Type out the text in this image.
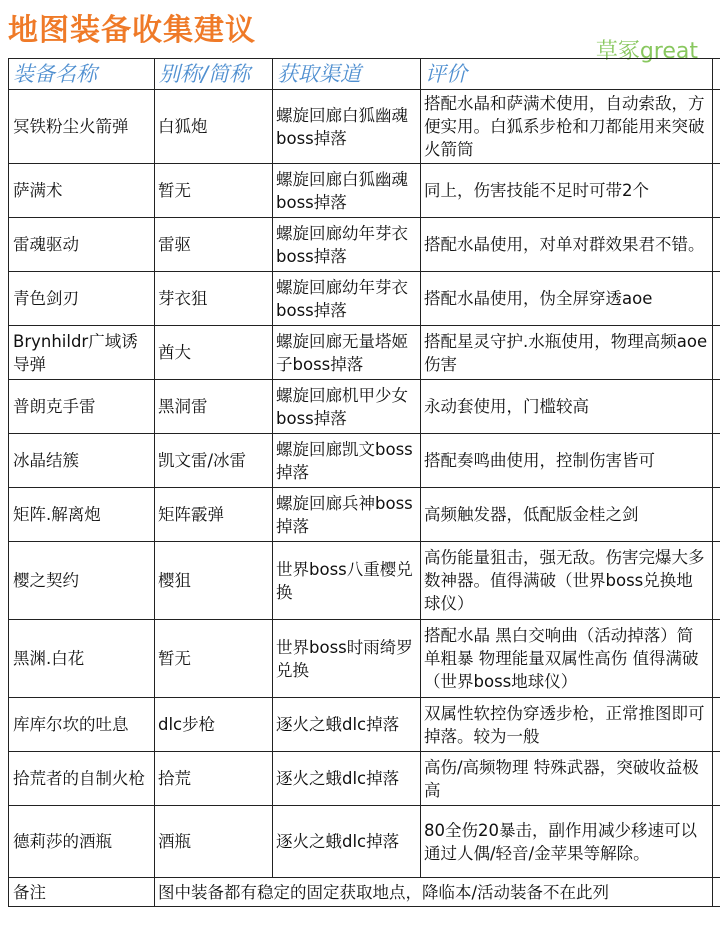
地图装备收集建议
草冢great
装备名称	别称/简称	获取渠道	评价	
冥铁粉尘火箭弹	白狐炮	螺旋回廊白狐幽魂boss掉落	搭配水晶和萨满术使用，自动索敌，方便实用。白狐系步枪和刀都能用来突破火箭筒	
萨满术	暂无	螺旋回廊白狐幽魂boss掉落	同上，伤害技能不足时可带2个	
雷魂驱动	雷驱	螺旋回廊幼年芽衣boss掉落	搭配水晶使用，对单对群效果君不错。	
青色剑刃	芽衣狙	螺旋回廊幼年芽衣boss掉落	搭配水晶使用，伪全屏穿透aoe	
Brynhildr广域诱导弹	酋大	螺旋回廊无量塔姬子boss掉落	搭配星灵守护.水瓶使用，物理高频aoe伤害	
普朗克手雷	黑洞雷	螺旋回廊机甲少女boss掉落	永动套使用，门槛较高	
冰晶结簇	凯文雷/冰雷	螺旋回廊凯文boss掉落	搭配奏鸣曲使用，控制伤害皆可	
矩阵.解离炮	矩阵霰弹	螺旋回廊兵神boss掉落	高频触发器，低配版金桂之剑	
樱之契约	樱狙	世界boss八重樱兑换	高伤能量狙击，强无敌。伤害完爆大多数神器。值得满破（世界boss兑换地球仪）	
黑渊.白花	暂无	世界boss时雨绮罗兑换	搭配水晶 黑白交响曲（活动掉落）简单粗暴 物理能量双属性高伤 值得满破（世界boss地球仪）	
库库尔坎的吐息	dlc步枪	逐火之蛾dlc掉落	双属性软控伪穿透步枪，正常推图即可掉落。较为一般	
拾荒者的自制火枪	拾荒	逐火之蛾dlc掉落	高伤/高频物理 特殊武器，突破收益极高	
德莉莎的酒瓶	酒瓶	逐火之蛾dlc掉落	80全伤20暴击，副作用减少移速可以通过人偶/轻音/金苹果等解除。	
备注	图中装备都有稳定的固定获取地点，降临本/活动装备不在此列			
